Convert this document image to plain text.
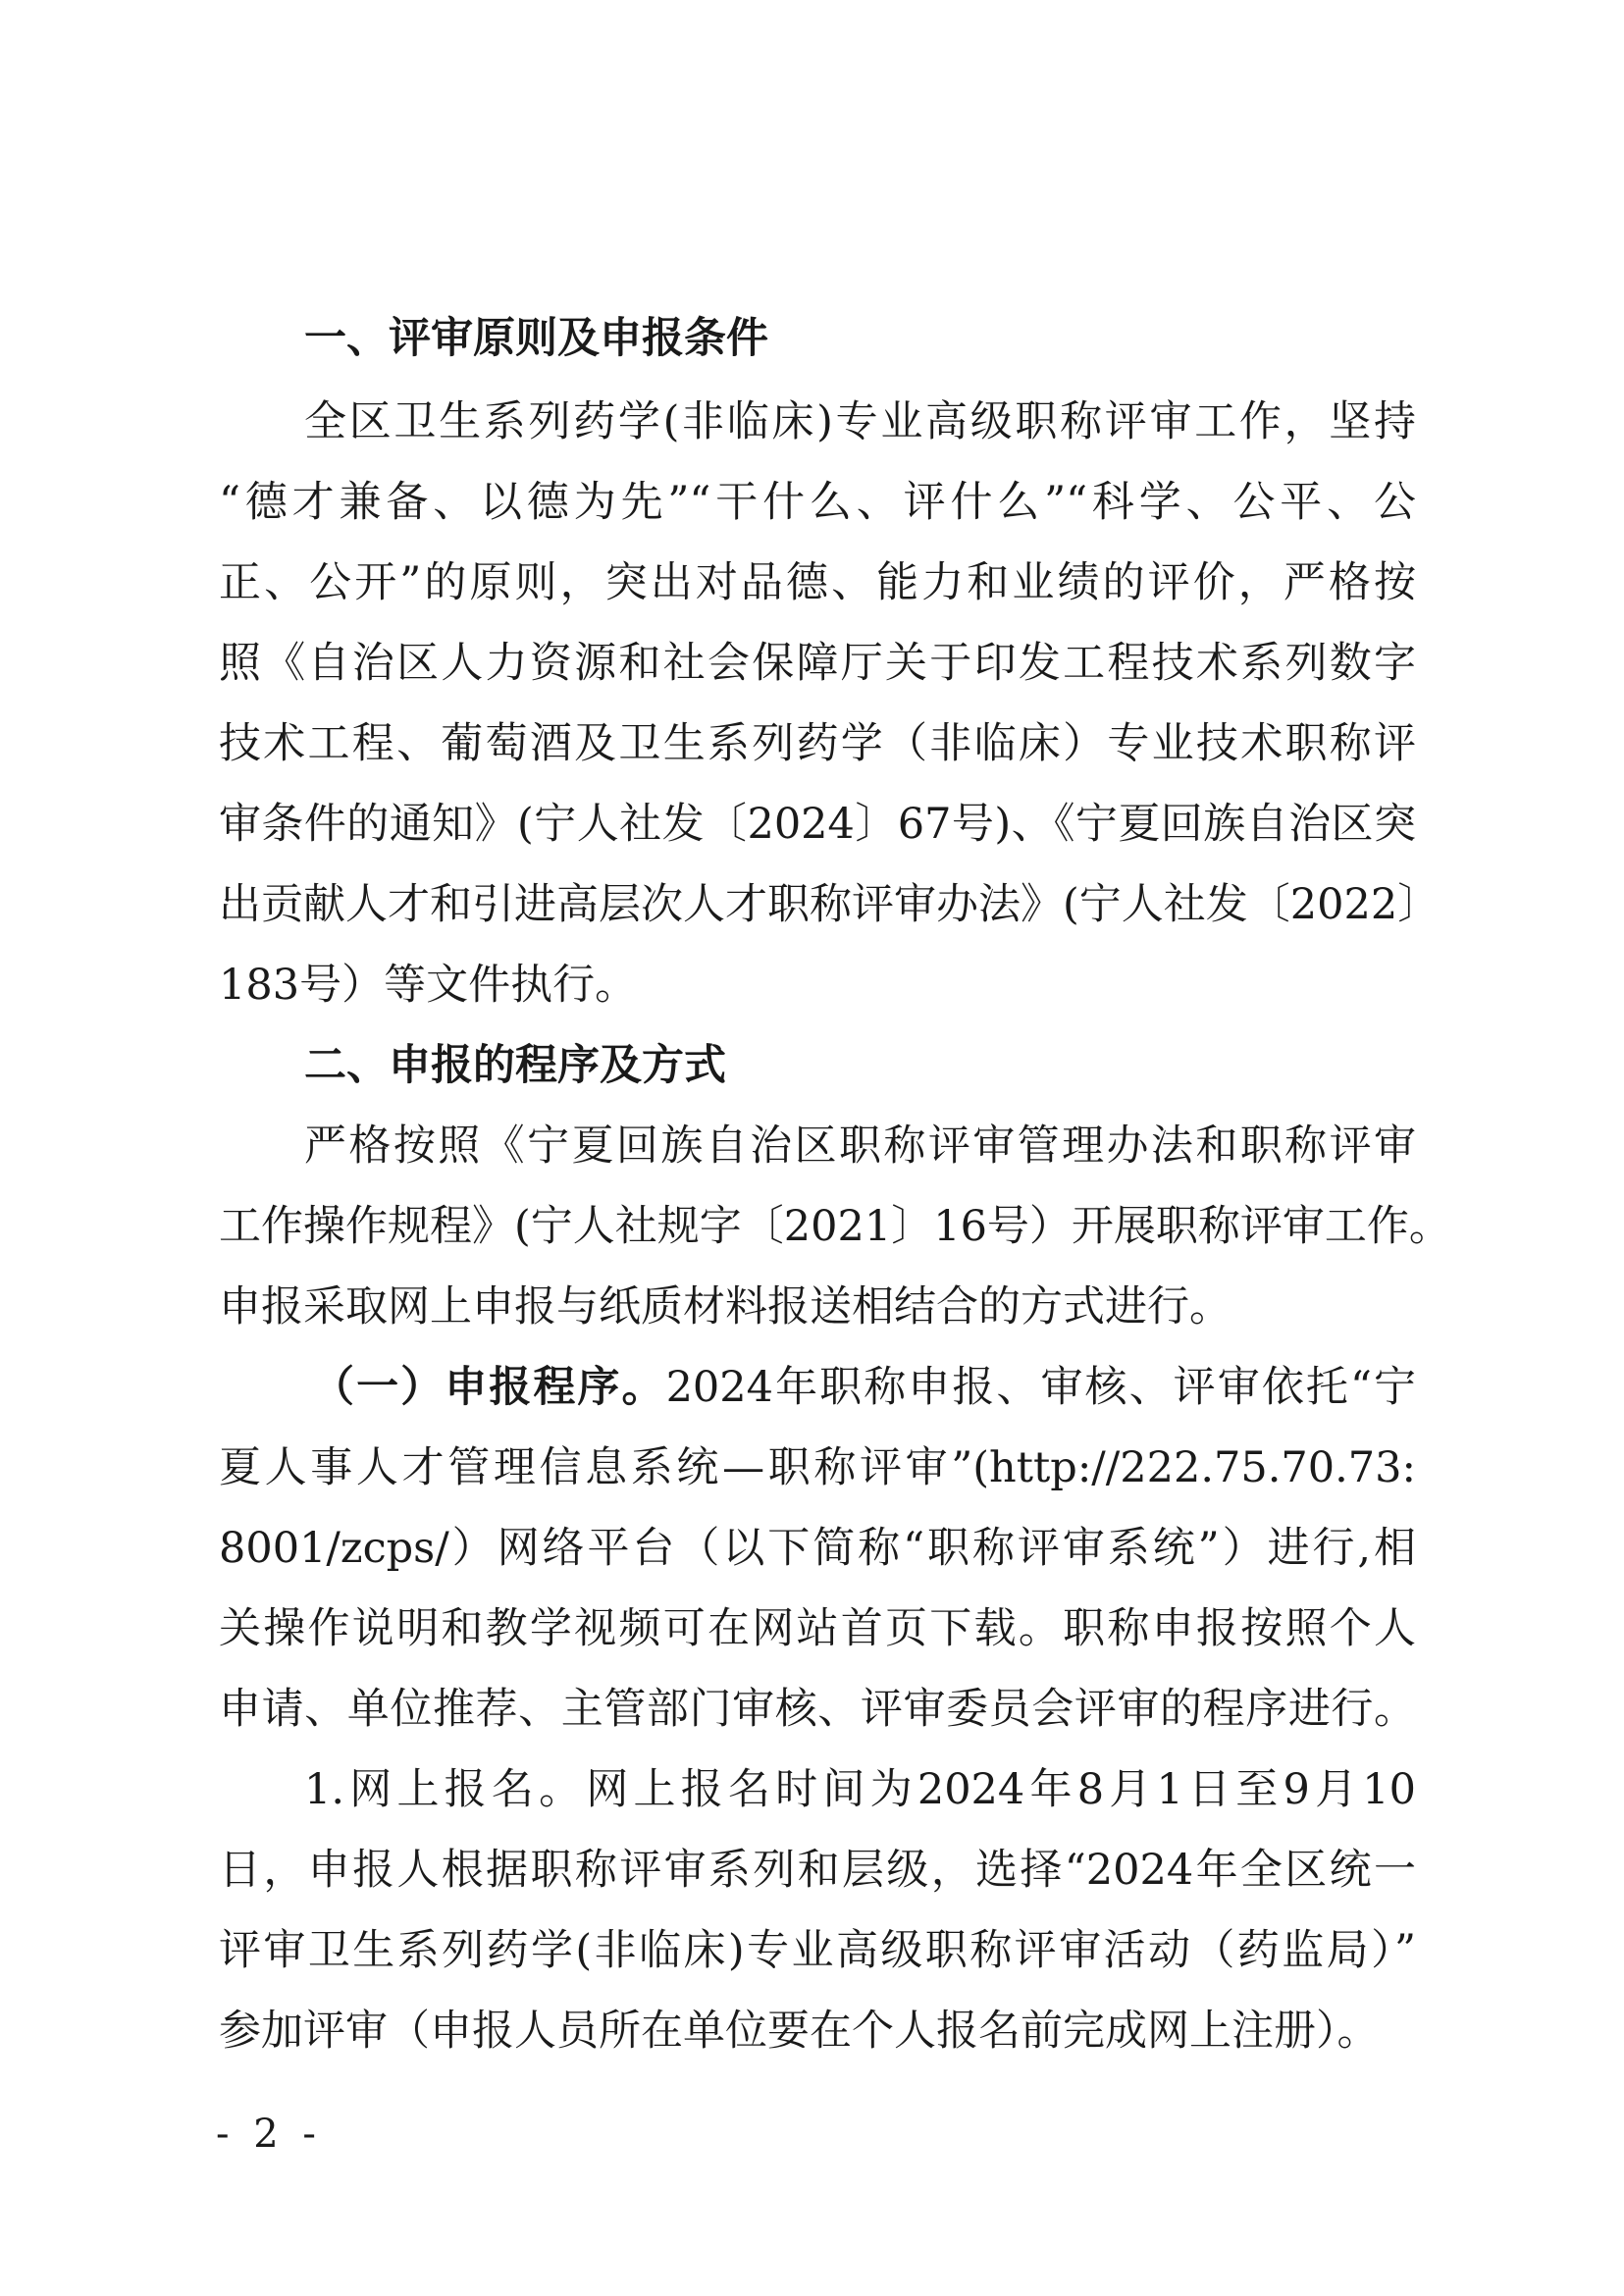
一、评审原则及申报条件
全区卫生系列药学(非临床)专业高级职称评审工作，坚持
“德才兼备、以德为先”“干什么、评什么”“科学、公平、公
正、公开”的原则，突出对品德、能力和业绩的评价，严格按
照《自治区人力资源和社会保障厅关于印发工程技术系列数字
技术工程、葡萄酒及卫生系列药学（非临床）专业技术职称评
审条件的通知》(宁人社发〔2024〕67号)、《宁夏回族自治区突
出贡献人才和引进高层次人才职称评审办法》(宁人社发〔2022〕
183号）等文件执行。
二、申报的程序及方式
严格按照《宁夏回族自治区职称评审管理办法和职称评审
工作操作规程》(宁人社规字〔2021〕16号）开展职称评审工作。
申报采取网上申报与纸质材料报送相结合的方式进行。
（一）申报程序。2024年职称申报、审核、评审依托“宁
夏人事人才管理信息系统—职称评审”(http://222.75.70.73:
8001/zcps/）网络平台（以下简称“职称评审系统”）进行,相
关操作说明和教学视频可在网站首页下载。职称申报按照个人
申请、单位推荐、主管部门审核、评审委员会评审的程序进行。
1.网上报名。网上报名时间为2024年8月1日至9月10
日，申报人根据职称评审系列和层级，选择“2024年全区统一
评审卫生系列药学(非临床)专业高级职称评审活动（药监局）”
参加评审（申报人员所在单位要在个人报名前完成网上注册）。
- 2 -
